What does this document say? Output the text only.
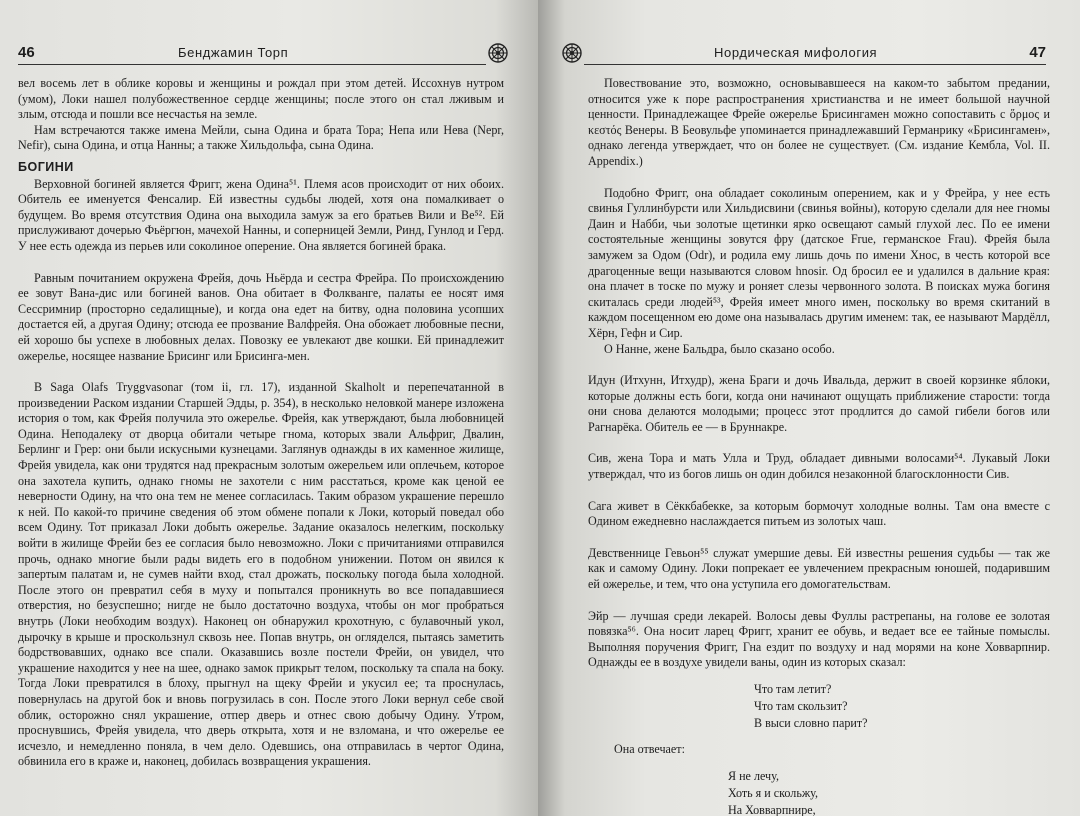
46	Бенджамин Торп

вел восемь лет в облике коровы и женщины и рождал при этом детей. Иссохнув нутром (умом), Локи нашел полубожественное сердце женщины; после этого он стал лживым и злым, отсюда и пошли все несчастья на земле.

Нам встречаются также имена Мейли, сына Одина и брата Тора; Непа или Нева (Nepr, Nefir), сына Одина, и отца Нанны; а также Хильдольфа, сына Одина.

БОГИНИ

Верховной богиней является Фригг, жена Одина⁵¹. Племя асов происходит от них обоих. Обитель ее именуется Фенсалир. Ей известны судьбы людей, хотя она помалкивает о будущем. Во время отсутствия Одина она выходила замуж за его братьев Вили и Ве⁵². Ей прислуживают дочерью Фьёргюн, мачехой Нанны, и соперницей Земли, Ринд, Гунлод и Герд. У нее есть одежда из перьев или соколиное оперение. Она является богиней брака.

Равным почитанием окружена Фрейя, дочь Ньёрда и сестра Фрейра. По происхождению ее зовут Вана-дис или богиней ванов. Она обитает в Фолкванге, палаты ее носят имя Сессримнир (просторно седалищные), и когда она едет на битву, одна половина усопших достается ей, а другая Одину; отсюда ее прозвание Валфрейя. Она обожает любовные песни, ей хорошо бы успехе в любовных делах. Повозку ее увлекают две кошки. Ей принадлежит ожерелье, носящее название Брисинг или Брисинга-мен.

В Saga Olafs Tryggvasonar (том ii, гл. 17), изданной Skalholt и перепечатанной в произведении Раском издании Старшей Эдды, p. 354), в несколько неловкой манере изложена история о том, как Фрейя получила это ожерелье. Фрейя, как утверждают, была любовницей Одина. Неподалеку от дворца обитали четыре гнома, которых звали Альфриг, Двалин, Берлинг и Грер: они были искусными кузнецами. Заглянув однажды в их каменное жилище, Фрейя увидела, как они трудятся над прекрасным золотым ожерельем или оплечьем, которое она захотела купить, однако гномы не захотели с ним расстаться, кроме как ценой ее неверности Одину, на что она тем не менее согласилась. Таким образом украшение перешло к ней. По какой-то причине сведения об этом обмене попали к Локи, который поведал обо всем Одину. Тот приказал Локи добыть ожерелье. Задание оказалось нелегким, поскольку войти в жилище Фрейи без ее согласия было невозможно. Локи с причитаниями отправился прочь, однако многие были рады видеть его в подобном унижении. Потом он явился к запертым палатам и, не сумев найти вход, стал дрожать, поскольку погода была холодной. После этого он превратил себя в муху и попытался проникнуть во все попадавшиеся отверстия, но безуспешно; нигде не было достаточно воздуха, чтобы он мог пробраться внутрь (Локи необходим воздух). Наконец он обнаружил крохотную, с булавочный укол, дырочку в крыше и проскользнул сквозь нее. Попав внутрь, он огляделся, пытаясь заметить бодрствовавших, однако все спали. Оказавшись возле постели Фрейи, он увидел, что украшение находится у нее на шее, однако замок прикрыт телом, поскольку та спала на боку. Тогда Локи превратился в блоху, прыгнул на щеку Фрейи и укусил ее; та проснулась, повернулась на другой бок и вновь погрузилась в сон. После этого Локи вернул себе свой облик, осторожно снял украшение, отпер дверь и отнес свою добычу Одину. Утром, проснувшись, Фрейя увидела, что дверь открыта, хотя и не взломана, и что ожерелье ее исчезло, и немедленно поняла, в чем дело. Одевшись, она отправилась в чертог Одина, обвинила его в краже и, наконец, добилась возвращения украшения.

Нордическая мифология	47

Повествование это, возможно, основывавшееся на каком-то забытом предании, относится уже к поре распространения христианства и не имеет большой научной ценности. Принадлежащее Фрейе ожерелье Брисингамен можно сопоставить с ὅρμος и κεστός Венеры. В Беовульфе упоминается принадлежавший Германрику «Брисингамен», однако легенда утверждает, что он более не существует. (См. издание Кембла, Vol. II. Appendix.)

Подобно Фригг, она обладает соколиным оперением, как и у Фрейра, у нее есть свинья Гуллинбурсти или Хильдисвини (свинья войны), которую сделали для нее гномы Даин и Набби, чьи золотые щетинки ярко освещают самый глухой лес. По ее имени состоятельные женщины зовутся фру (датское Frue, германское Frau). Фрейя была замужем за Одом (Odr), и родила ему лишь дочь по имени Хнос, в честь которой все драгоценные вещи называются словом hnosir. Од бросил ее и удалился в дальние края: она плачет в тоске по мужу и роняет слезы червонного золота. В поисках мужа богиня скиталась среди людей⁵³, Фрейя имеет много имен, поскольку во время скитаний в каждом посещенном ею доме она называлась другим именем: так, ее называют Мардёлл, Хёрн, Гефн и Сир.

О Нанне, жене Бальдра, было сказано особо.

Идун (Итхунн, Итхудр), жена Браги и дочь Ивальда, держит в своей корзинке яблоки, которые должны есть боги, когда они начинают ощущать приближение старости: тогда они снова делаются молодыми; процесс этот продлится до самой гибели богов или Рагнарёка. Обитель ее — в Бруннакре.

Сив, жена Тора и мать Улла и Труд, обладает дивными волосами⁵⁴. Лукавый Локи утверждал, что из богов лишь он один добился незаконной благосклонности Сив.

Сага живет в Сёккбабекке, за которым бормочут холодные волны. Там она вместе с Одином ежедневно наслаждается питьем из золотых чаш.

Девственнице Гевьон⁵⁵ служат умершие девы. Ей известны решения судьбы — так же как и самому Одину. Локи попрекает ее увлечением прекрасным юношей, подарившим ей ожерелье, и тем, что она уступила его домогательствам.

Эйр — лучшая среди лекарей. Волосы девы Фуллы растрепаны, на голове ее золотая повязка⁵⁶. Она носит ларец Фригг, хранит ее обувь, и ведает все ее тайные помыслы. Выполняя поручения Фригг, Гна ездит по воздуху и над морями на коне Ховварпнир. Однажды ее в воздухе увидели ваны, один из которых сказал:

Что там летит?
Что там скользит?
В выси словно парит?
Она отвечает:
Я не лечу,
Хоть я и скольжу,
На Ховварпнире,
